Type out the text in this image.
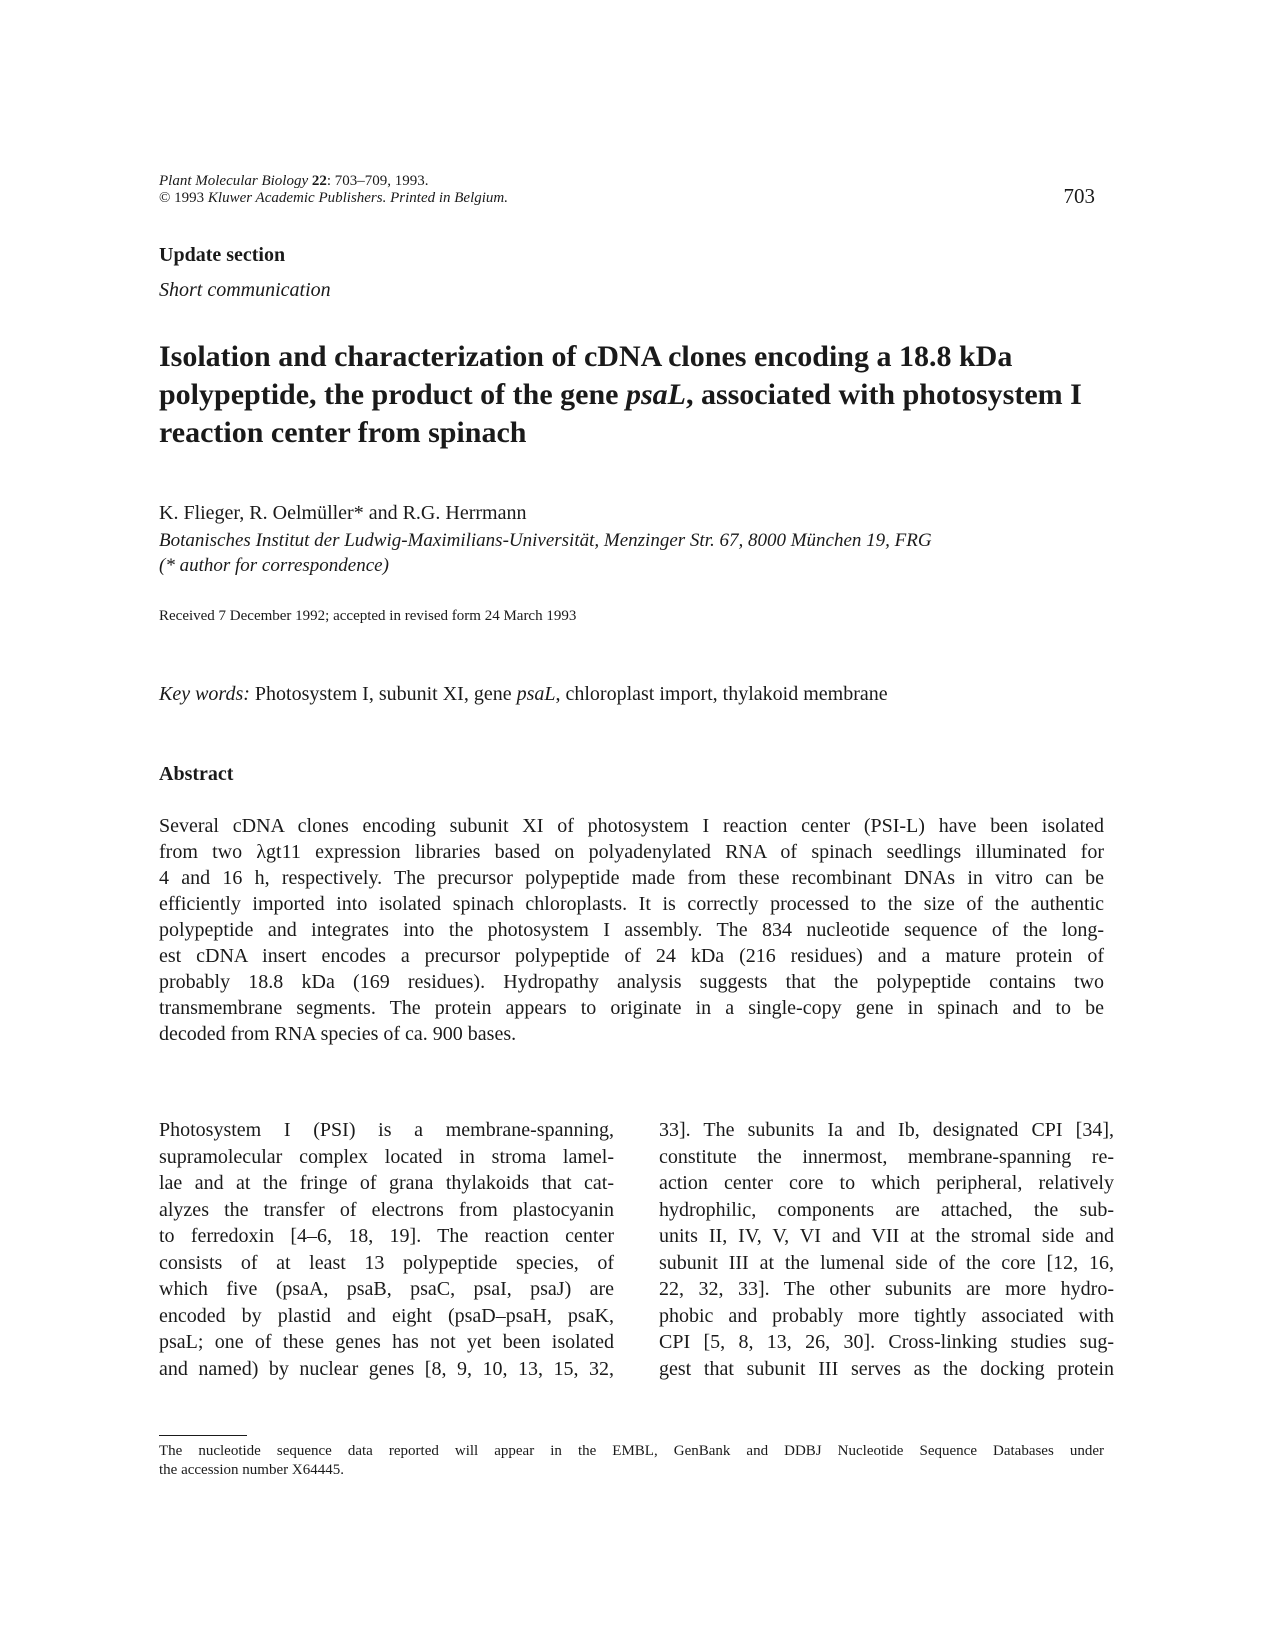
Plant Molecular Biology 22: 703–709, 1993.
© 1993 Kluwer Academic Publishers. Printed in Belgium.	703
Update section
Short communication
Isolation and characterization of cDNA clones encoding a 18.8 kDa
polypeptide, the product of the gene psaL, associated with photosystem I
reaction center from spinach
K. Flieger, R. Oelmüller* and R.G. Herrmann
Botanisches Institut der Ludwig-Maximilians-Universität, Menzinger Str. 67, 8000 München 19, FRG
(* author for correspondence)
Received 7 December 1992; accepted in revised form 24 March 1993
Key words: Photosystem I, subunit XI, gene psaL, chloroplast import, thylakoid membrane
Abstract
Several cDNA clones encoding subunit XI of photosystem I reaction center (PSI-L) have been isolated
from two λgt11 expression libraries based on polyadenylated RNA of spinach seedlings illuminated for
4 and 16 h, respectively. The precursor polypeptide made from these recombinant DNAs in vitro can be
efficiently imported into isolated spinach chloroplasts. It is correctly processed to the size of the authentic
polypeptide and integrates into the photosystem I assembly. The 834 nucleotide sequence of the long-
est cDNA insert encodes a precursor polypeptide of 24 kDa (216 residues) and a mature protein of
probably 18.8 kDa (169 residues). Hydropathy analysis suggests that the polypeptide contains two
transmembrane segments. The protein appears to originate in a single-copy gene in spinach and to be
decoded from RNA species of ca. 900 bases.
Photosystem I (PSI) is a membrane-spanning,
supramolecular complex located in stroma lamel-
lae and at the fringe of grana thylakoids that cat-
alyzes the transfer of electrons from plastocyanin
to ferredoxin [4–6, 18, 19]. The reaction center
consists of at least 13 polypeptide species, of
which five (psaA, psaB, psaC, psaI, psaJ) are
encoded by plastid and eight (psaD–psaH, psaK,
psaL; one of these genes has not yet been isolated
and named) by nuclear genes [8, 9, 10, 13, 15, 32,
33]. The subunits Ia and Ib, designated CPI [34],
constitute the innermost, membrane-spanning re-
action center core to which peripheral, relatively
hydrophilic, components are attached, the sub-
units II, IV, V, VI and VII at the stromal side and
subunit III at the lumenal side of the core [12, 16,
22, 32, 33]. The other subunits are more hydro-
phobic and probably more tightly associated with
CPI [5, 8, 13, 26, 30]. Cross-linking studies sug-
gest that subunit III serves as the docking protein
The nucleotide sequence data reported will appear in the EMBL, GenBank and DDBJ Nucleotide Sequence Databases under
the accession number X64445.
